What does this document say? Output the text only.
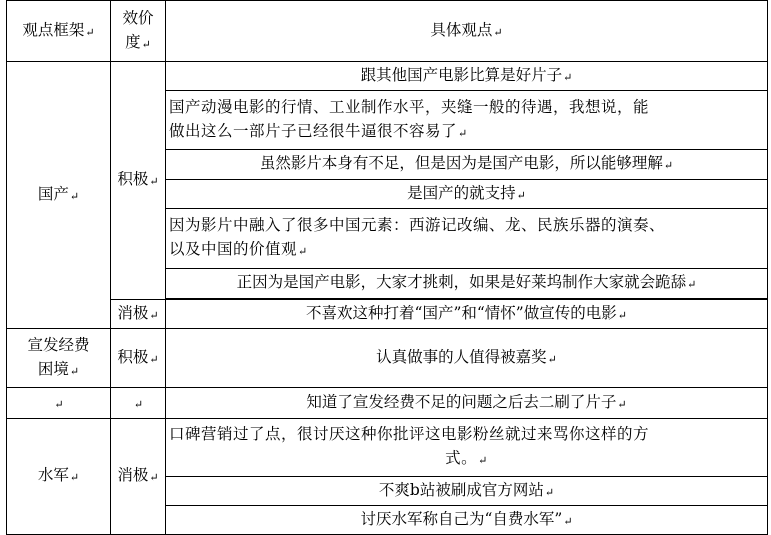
观点框架↵	效价
度↵	具体观点↵
国产↵	积极↵	跟其他国产电影比算是好片子↵
		国产动漫电影的行情、工业制作水平，夹缝一般的待遇，我想说，能
做出这么一部片子已经很牛逼很不容易了↵
		虽然影片本身有不足，但是因为是国产电影，所以能够理解↵
		是国产的就支持↵
		因为影片中融入了很多中国元素：西游记改编、龙、民族乐器的演奏、
以及中国的价值观↵
		正因为是国产电影，大家才挑刺，如果是好莱坞制作大家就会跪舔↵

	消极↵	不喜欢这种打着“国产”和“情怀”做宣传的电影↵
宣发经费
困境↵	积极↵	认真做事的人值得被嘉奖↵
↵	↵	知道了宣发经费不足的问题之后去二刷了片子↵
水军↵	消极↵	口碑营销过了点，很讨厌这种你批评这电影粉丝就过来骂你这样的方

式。↵

		不爽b站被刷成官方网站↵
		讨厌水军称自己为“自费水军”↵
